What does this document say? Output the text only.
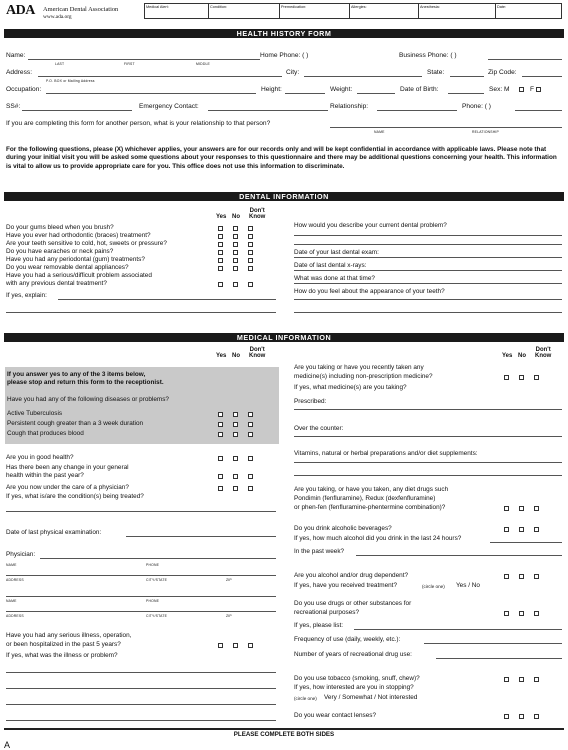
ADA American Dental Association
www.ada.org
Medical Alert:	Condition:	Premedication:	Allergies:	Anesthesia:	Date:
HEALTH HISTORY FORM
Name:
LAST	FIRST	MIDDLE
Home Phone: ( )	Business Phone: ( )
Address:
P.O. BOX or Mailing Address
City:	State:	Zip Code:
Occupation:	Height:	Weight:	Date of Birth:	Sex: M	F
SS#:	Emergency Contact:	Relationship:	Phone: ( )
If you are completing this form for another person, what is your relationship to that person?
NAME	RELATIONSHIP
For the following questions, please (X) whichever applies, your answers are for our records only and will be kept confidential in accordance with applicable laws. Please note that during your initial visit you will be asked some questions about your responses to this questionnaire and there may be additional questions concerning your health. This information is vital to allow us to provide appropriate care for you. This office does not use this information to discriminate.
DENTAL INFORMATION

Yes
No
Don't
Know
Do your gums bleed when you brush?
Have you ever had orthodontic (braces) treatment?
Are your teeth sensitive to cold, hot, sweets or pressure?
Do you have earaches or neck pains?
Have you had any periodontal (gum) treatments?
Do you wear removable dental appliances?
Have you had a serious/difficult problem associated
with any previous dental treatment?
If yes, explain:
How would you describe your current dental problem?
Date of your last dental exam:
Date of last dental x-rays:
What was done at that time?
How do you feel about the appearance of your teeth?
MEDICAL INFORMATION

Yes
No
Don't
Know
	Yes
No
Don't
Know
If you answer yes to any of the 3 items below,
please stop and return this form to the receptionist.
Have you had any of the following diseases or problems?
Active Tuberculosis
Persistent cough greater than a 3 week duration
Cough that produces blood
Are you in good health?
Has there been any change in your general
health within the past year?
Are you now under the care of a physician?
If yes, what is/are the condition(s) being treated?
Date of last physical examination:
Physician:
NAME	PHONE
ADDRESS	CITY/STATE	ZIP
NAME	PHONE
ADDRESS	CITY/STATE	ZIP
Have you had any serious illness, operation,
or been hospitalized in the past 5 years?
If yes, what was the illness or problem?
Are you taking or have you recently taken any
medicine(s) including non-prescription medicine?
If yes, what medicine(s) are you taking?
Prescribed:
Over the counter:
Vitamins, natural or herbal preparations and/or diet supplements:
Are you taking, or have you taken, any diet drugs such
Pondimin (fenfluramine), Redux (dexfenfluramine)
or phen-fen (fenfluramine-phentermine combination)?
Do you drink alcoholic beverages?
If yes, how much alcohol did you drink in the last 24 hours?
In the past week?
Are you alcohol and/or drug dependent?
If yes, have you received treatment?	(circle one) Yes / No
Do you use drugs or other substances for
recreational purposes?
If yes, please list:
Frequency of use (daily, weekly, etc.):
Number of years of recreational drug use:
Do you use tobacco (smoking, snuff, chew)?
If yes, how interested are you in stopping?
(circle one) Very / Somewhat / Not interested
Do you wear contact lenses?
PLEASE COMPLETE BOTH SIDES
A
